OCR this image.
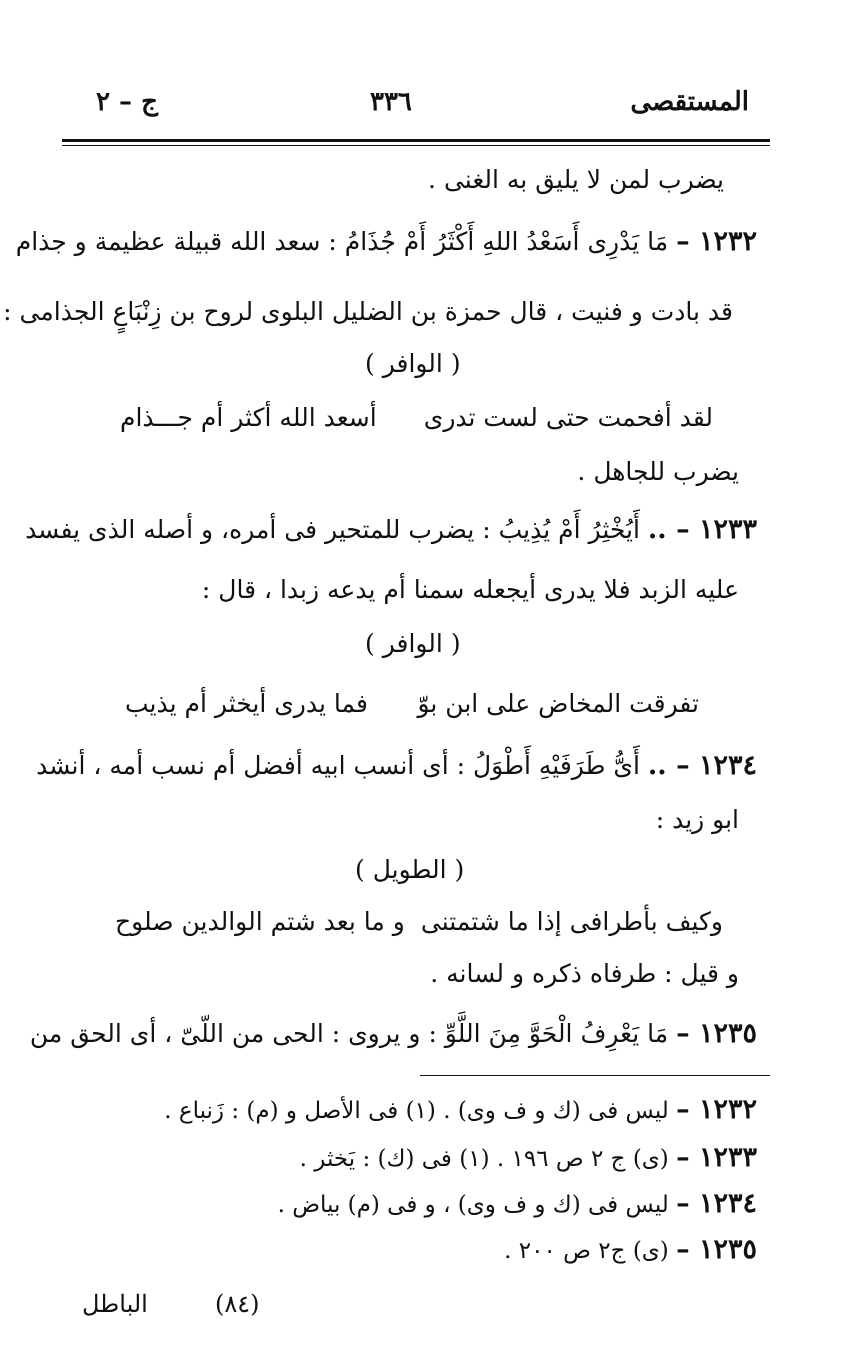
المستقصى
٣٣٦
ج – ٢
يضرب لمن لا يليق به الغنى .
١٢٣٢ – مَا يَدْرِى أَسَعْدُ اللهِ أَكْثَرُ أَمْ جُذَامُ : سعد الله قبيلة عظيمة و جذام
قد بادت و فنيت ، قال حمزة بن الضليل البلوى لروح بن زِنْبَاعٍ الجذامى :
( الوافر )
لقد أفحمت حتى لست تدرى
أسعد الله أكثر أم جـــذام
يضرب للجاهل .
١٢٣٣ – .. أَيُخْثِرُ أَمْ يُذِيبُ : يضرب للمتحير فى أمره، و أصله الذى يفسد
عليه الزبد فلا يدرى أيجعله سمنا أم يدعه زبدا ، قال :
( الوافر )
تفرقت المخاض على ابن بوّ
فما يدرى أيخثر أم يذيب
١٢٣٤ – .. أَىُّ طَرَفَيْهِ أَطْوَلُ : أى أنسب ابيه أفضل أم نسب أمه ، أنشد
ابو زيد :
( الطويل )
وكيف بأطرافى إذا ما شتمتنى
و ما بعد شتم الوالدين صلوح
و قيل : طرفاه ذكره و لسانه .
١٢٣٥ – مَا يَعْرِفُ الْحَوَّ مِنَ اللَّوِّ : و يروى : الحى من اللّىّ ، أى الحق من
١٢٣٢ – ليس فى (ك و ف وى) . (١) فى الأصل و (م) : زَنباع .
١٢٣٣ – (ى) ج ٢ ص ١٩٦ . (١) فى (ك) : يَخثر .
١٢٣٤ – ليس فى (ك و ف وى) ، و فى (م) بياض .
١٢٣٥ – (ى) ج٢ ص ٢٠٠ .
(٨٤)
الباطل
